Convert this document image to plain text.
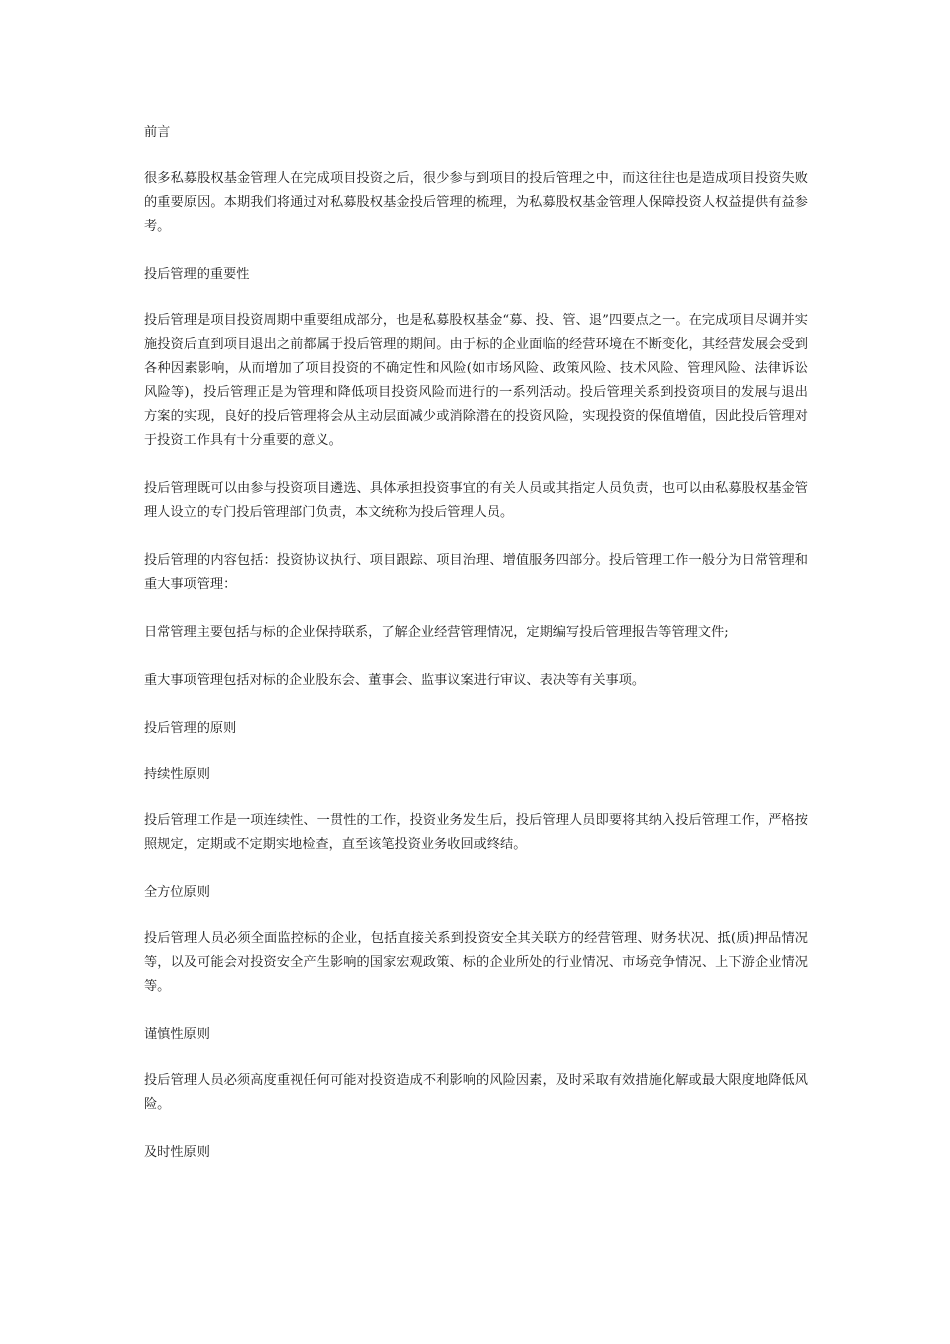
前言

很多私募股权基金管理人在完成项目投资之后，很少参与到项目的投后管理之中，而这往往也是造成项目投资失败的重要原因。本期我们将通过对私募股权基金投后管理的梳理，为私募股权基金管理人保障投资人权益提供有益参考。

投后管理的重要性

投后管理是项目投资周期中重要组成部分，也是私募股权基金“募、投、管、退”四要点之一。在完成项目尽调并实施投资后直到项目退出之前都属于投后管理的期间。由于标的企业面临的经营环境在不断变化，其经营发展会受到各种因素影响，从而增加了项目投资的不确定性和风险(如市场风险、政策风险、技术风险、管理风险、法律诉讼风险等)，投后管理正是为管理和降低项目投资风险而进行的一系列活动。投后管理关系到投资项目的发展与退出方案的实现，良好的投后管理将会从主动层面减少或消除潜在的投资风险，实现投资的保值增值，因此投后管理对于投资工作具有十分重要的意义。

投后管理既可以由参与投资项目遴选、具体承担投资事宜的有关人员或其指定人员负责，也可以由私募股权基金管理人设立的专门投后管理部门负责，本文统称为投后管理人员。

投后管理的内容包括：投资协议执行、项目跟踪、项目治理、增值服务四部分。投后管理工作一般分为日常管理和重大事项管理：

日常管理主要包括与标的企业保持联系，了解企业经营管理情况，定期编写投后管理报告等管理文件;

重大事项管理包括对标的企业股东会、董事会、监事议案进行审议、表决等有关事项。

投后管理的原则

持续性原则

投后管理工作是一项连续性、一贯性的工作，投资业务发生后，投后管理人员即要将其纳入投后管理工作，严格按照规定，定期或不定期实地检查，直至该笔投资业务收回或终结。

全方位原则

投后管理人员必须全面监控标的企业，包括直接关系到投资安全其关联方的经营管理、财务状况、抵(质)押品情况等，以及可能会对投资安全产生影响的国家宏观政策、标的企业所处的行业情况、市场竞争情况、上下游企业情况等。

谨慎性原则

投后管理人员必须高度重视任何可能对投资造成不利影响的风险因素，及时采取有效措施化解或最大限度地降低风险。

及时性原则
